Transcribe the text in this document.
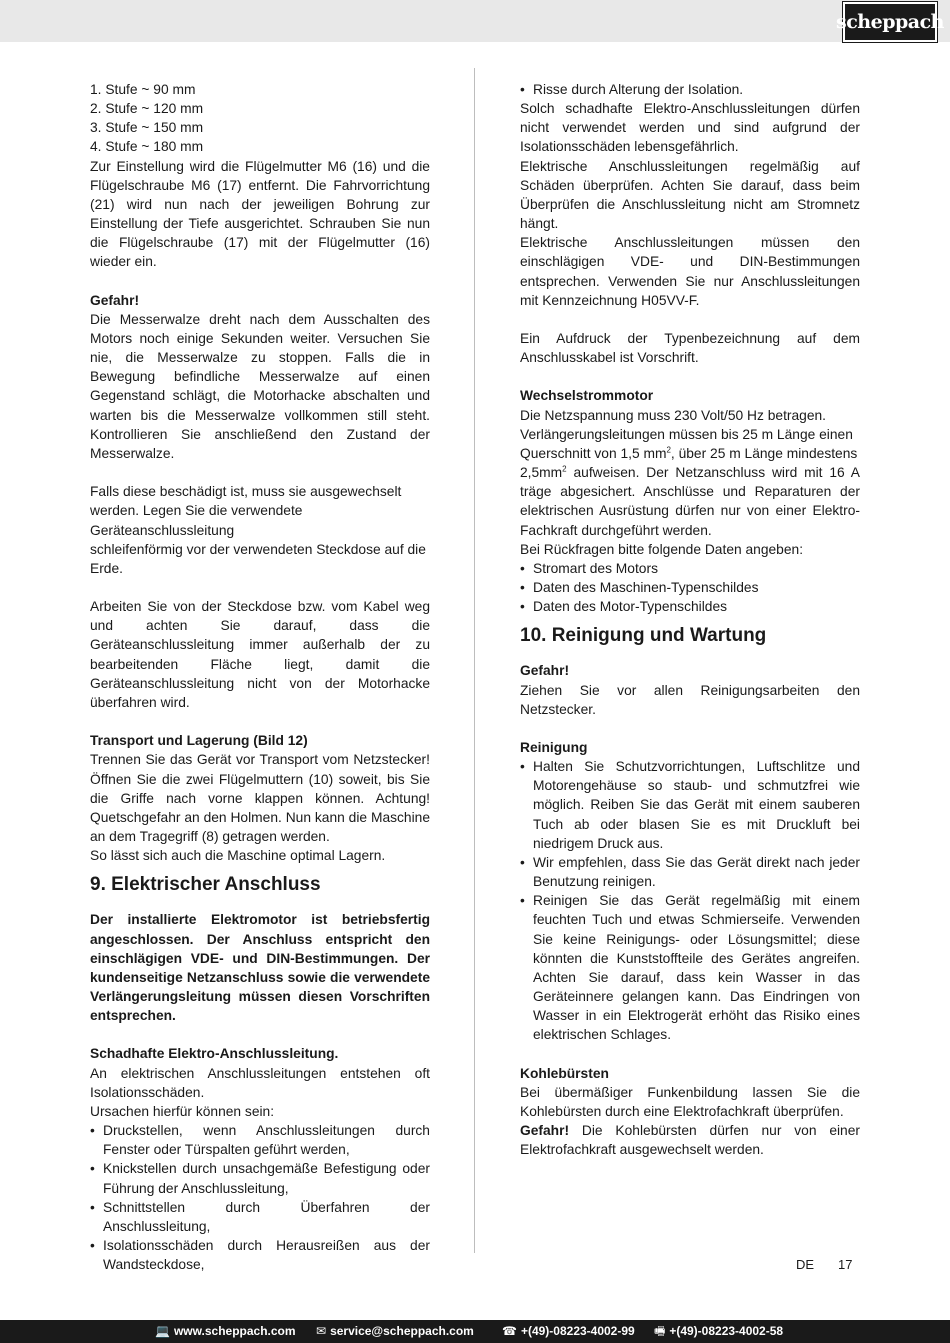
scheppach

1. Stufe ~ 90 mm

2. Stufe ~ 120 mm

3. Stufe ~ 150 mm

4. Stufe ~ 180 mm

Zur Einstellung wird die Flügelmutter M6 (16) und die Flügelschraube M6 (17) entfernt. Die Fahrvorrichtung (21) wird nun nach der jeweiligen Bohrung zur Einstellung der Tiefe ausgerichtet. Schrauben Sie nun die Flügelschraube (17) mit der Flügelmutter (16) wieder ein.

Gefahr!

Die Messerwalze dreht nach dem Ausschalten des Motors noch einige Sekunden weiter. Versuchen Sie nie, die Messerwalze zu stoppen. Falls die in Bewegung befindliche Messerwalze auf einen Gegenstand schlägt, die Motorhacke abschalten und warten bis die Messerwalze vollkommen still steht. Kontrollieren Sie anschließend den Zustand der Messerwalze.

Falls diese beschädigt ist, muss sie ausgewechselt werden. Legen Sie die verwendete Geräteanschlussleitung

schleifenförmig vor der verwendeten Steckdose auf die Erde.

Arbeiten Sie von der Steckdose bzw. vom Kabel weg und achten Sie darauf, dass die Geräteanschlussleitung immer außerhalb der zu bearbeitenden Fläche liegt, damit die Geräteanschlussleitung nicht von der Motorhacke überfahren wird.

Transport und Lagerung (Bild 12)

Trennen Sie das Gerät vor Transport vom Netzstecker! Öffnen Sie die zwei Flügelmuttern (10) soweit, bis Sie die Griffe nach vorne klappen können. Achtung! Quetschgefahr an den Holmen. Nun kann die Maschine an dem Tragegriff (8) getragen werden.

So lässt sich auch die Maschine optimal Lagern.

9. Elektrischer Anschluss

Der installierte Elektromotor ist betriebsfertig angeschlossen. Der Anschluss entspricht den einschlägigen VDE- und DIN-Bestimmungen. Der kundenseitige Netzanschluss sowie die verwendete Verlängerungsleitung müssen diesen Vorschriften entsprechen.

Schadhafte Elektro-Anschlussleitung.

An elektrischen Anschlussleitungen entstehen oft Isolationsschäden.

Ursachen hierfür können sein:

• Druckstellen, wenn Anschlussleitungen durch Fenster oder Türspalten geführt werden,
• Knickstellen durch unsachgemäße Befestigung oder Führung der Anschlussleitung,
• Schnittstellen durch Überfahren der Anschlussleitung,
• Isolationsschäden durch Herausreißen aus der Wandsteckdose,
• Risse durch Alterung der Isolation.

Solch schadhafte Elektro-Anschlussleitungen dürfen nicht verwendet werden und sind aufgrund der Isolationsschäden lebensgefährlich.

Elektrische Anschlussleitungen regelmäßig auf Schäden überprüfen. Achten Sie darauf, dass beim Überprüfen die Anschlussleitung nicht am Stromnetz hängt.

Elektrische Anschlussleitungen müssen den einschlägigen VDE- und DIN-Bestimmungen entsprechen. Verwenden Sie nur Anschlussleitungen mit Kennzeichnung H05VV-F.

Ein Aufdruck der Typenbezeichnung auf dem Anschlusskabel ist Vorschrift.

Wechselstrommotor

Die Netzspannung muss 230 Volt/50 Hz betragen.

Verlängerungsleitungen müssen bis 25 m Länge einen

Querschnitt von 1,5 $mm^2$, über 25 m Länge mindestens

$2,5mm^2$ aufweisen. Der Netzanschluss wird mit 16 A träge abgesichert. Anschlüsse und Reparaturen der elektrischen Ausrüstung dürfen nur von einer Elektro-Fachkraft durchgeführt werden.

Bei Rückfragen bitte folgende Daten angeben:

• Stromart des Motors
• Daten des Maschinen-Typenschildes
• Daten des Motor-Typenschildes
10. Reinigung und Wartung

Gefahr!

Ziehen Sie vor allen Reinigungsarbeiten den Netzstecker.

Reinigung

• Halten Sie Schutzvorrichtungen, Luftschlitze und Motorengehäuse so staub- und schmutzfrei wie möglich. Reiben Sie das Gerät mit einem sauberen Tuch ab oder blasen Sie es mit Druckluft bei niedrigem Druck aus.
• Wir empfehlen, dass Sie das Gerät direkt nach jeder Benutzung reinigen.
• Reinigen Sie das Gerät regelmäßig mit einem feuchten Tuch und etwas Schmierseife. Verwenden Sie keine Reinigungs- oder Lösungsmittel; diese könnten die Kunststoffteile des Gerätes angreifen. Achten Sie darauf, dass kein Wasser in das Geräteinnere gelangen kann. Das Eindringen von Wasser in ein Elektrogerät erhöht das Risiko eines elektrischen Schlages.

Kohlebürsten

Bei übermäßiger Funkenbildung lassen Sie die Kohlebürsten durch eine Elektrofachkraft überprüfen.

Gefahr! Die Kohlebürsten dürfen nur von einer Elektrofachkraft ausgewechselt werden.

DE 17
💻 www.scheppach.com ✉ service@scheppach.com ☎ +(49)-08223-4002-99 🖷 +(49)-08223-4002-58
